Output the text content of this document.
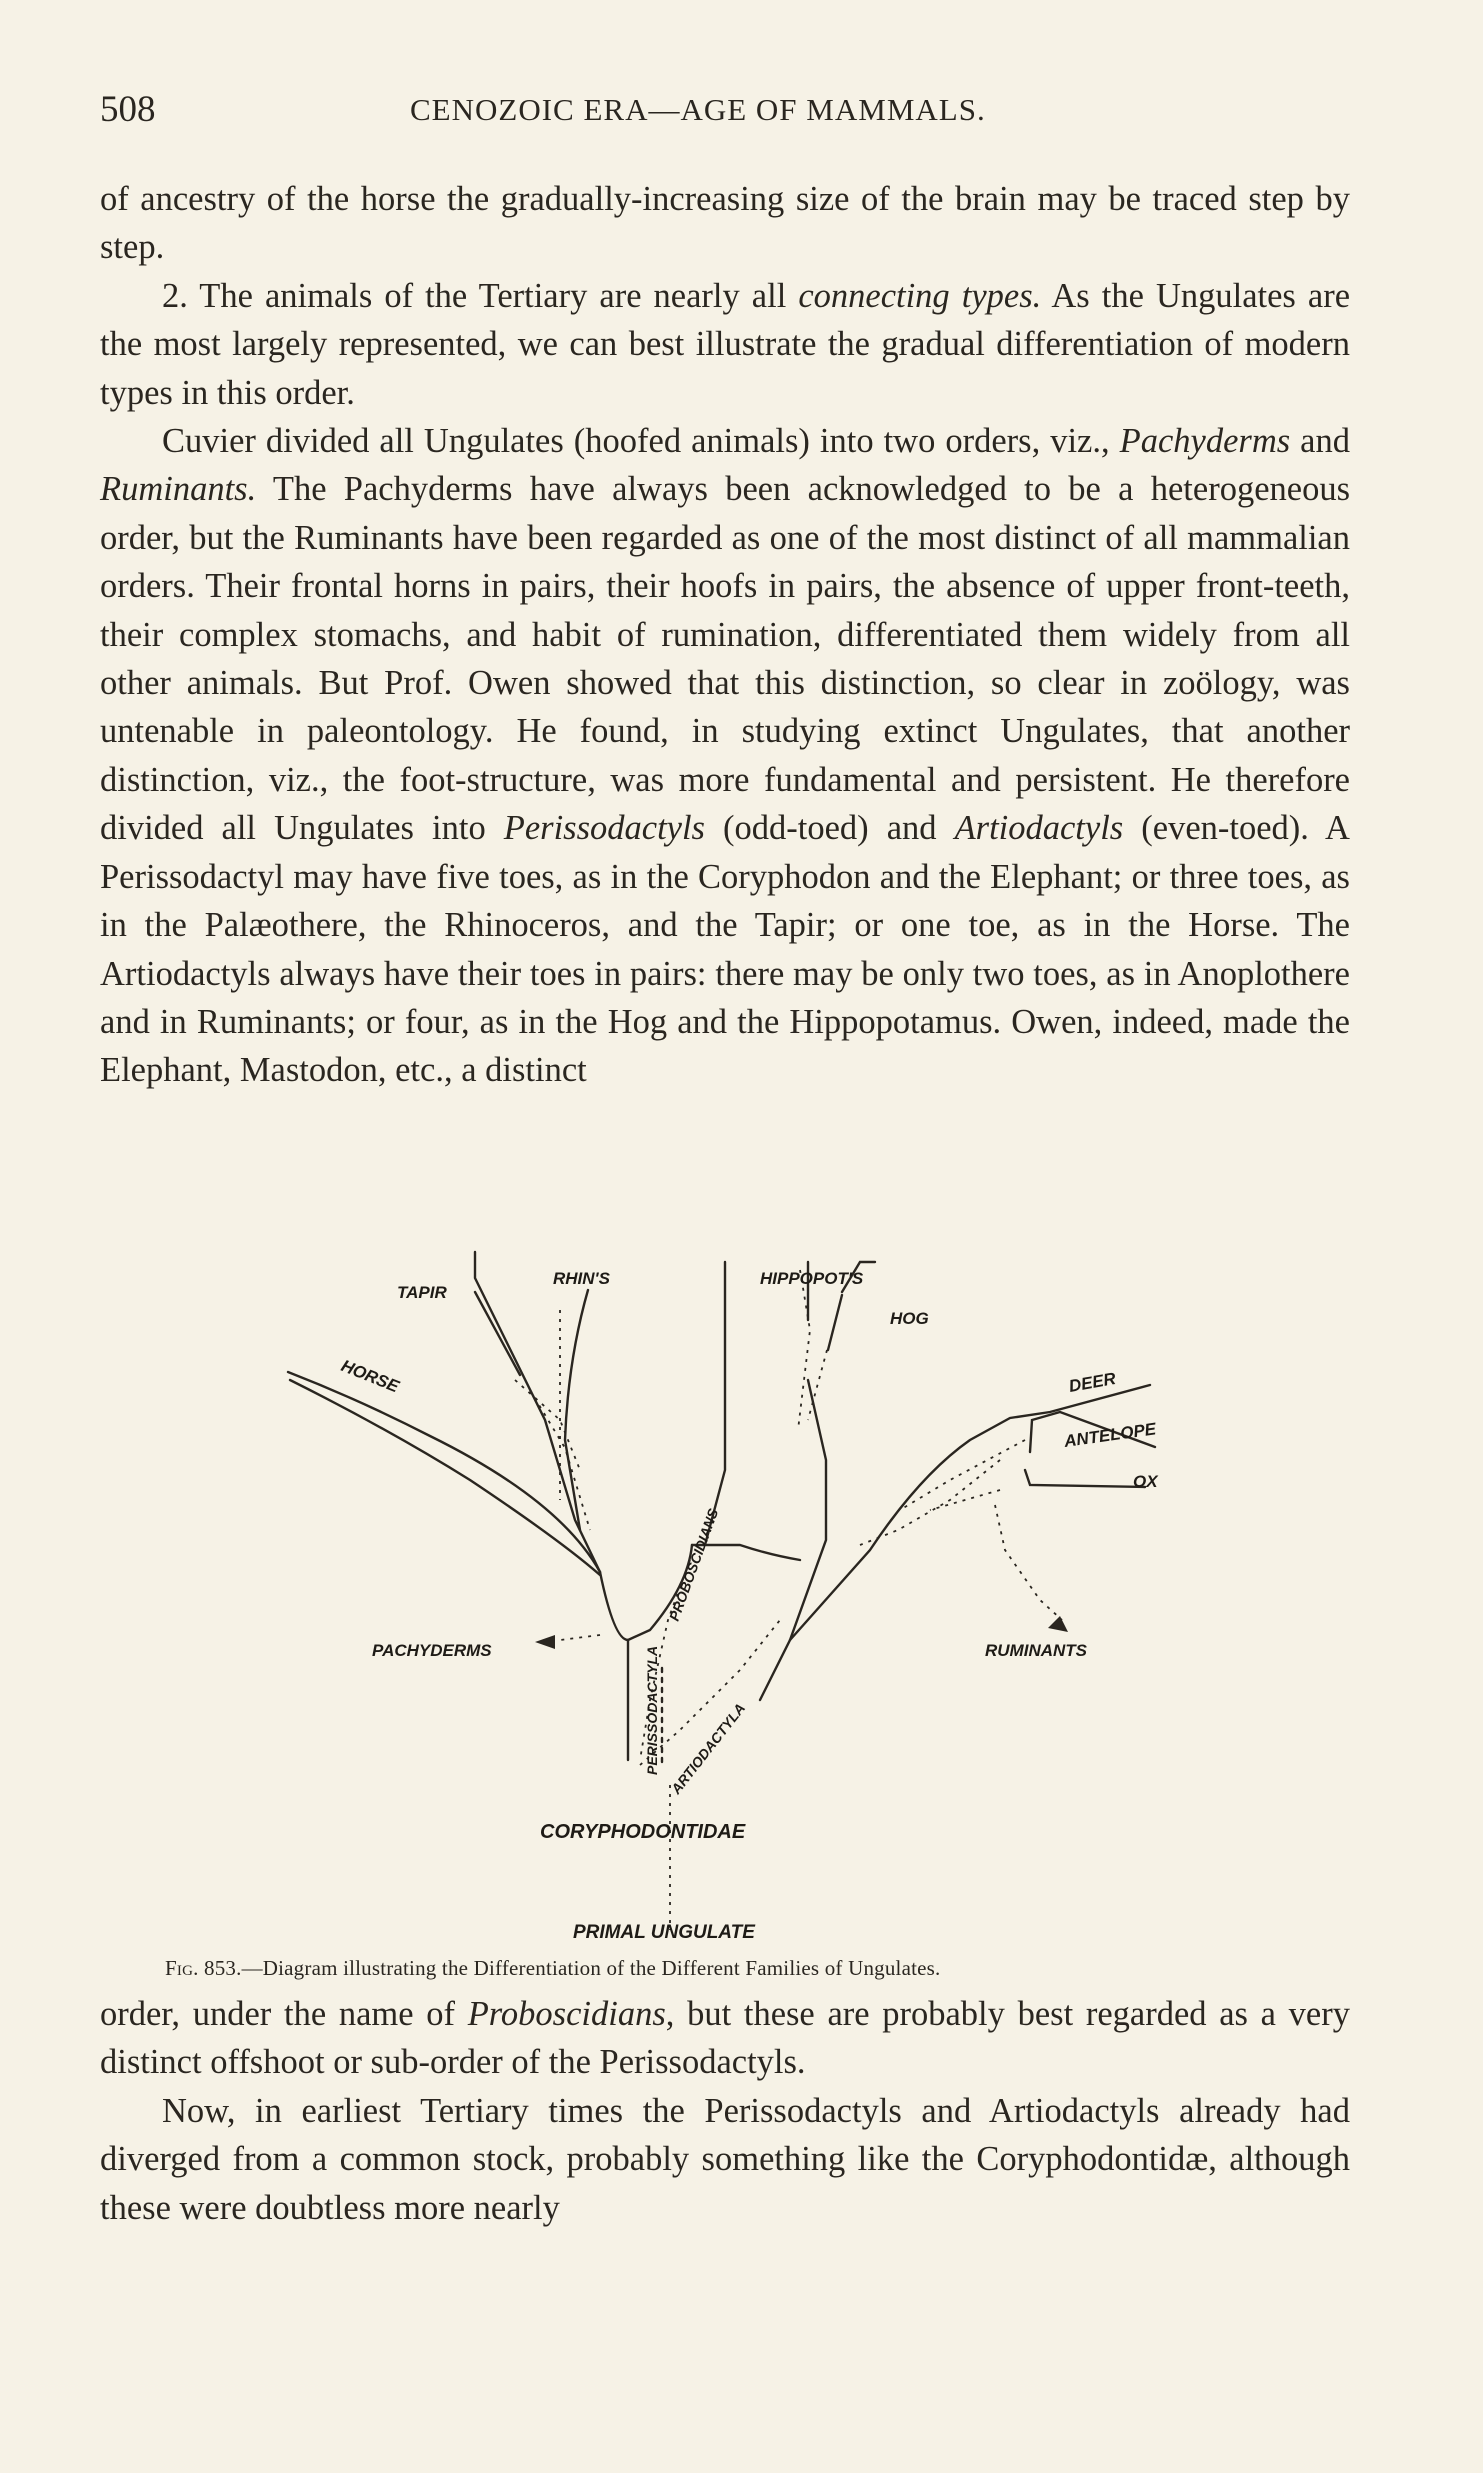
508	CENOZOIC ERA—AGE OF MAMMALS.

of ancestry of the horse the gradually-increasing size of the brain may be traced step by step.

2. The animals of the Tertiary are nearly all connecting types. As the Ungulates are the most largely represented, we can best illustrate the gradual differentiation of modern types in this order.

Cuvier divided all Ungulates (hoofed animals) into two orders, viz., Pachyderms and Ruminants. The Pachyderms have always been acknowledged to be a heterogeneous order, but the Ruminants have been regarded as one of the most distinct of all mammalian orders. Their frontal horns in pairs, their hoofs in pairs, the absence of upper front-teeth, their complex stomachs, and habit of rumination, differentiated them widely from all other animals. But Prof. Owen showed that this distinction, so clear in zoölogy, was untenable in paleontology. He found, in studying extinct Ungulates, that another distinction, viz., the foot-structure, was more fundamental and persistent. He therefore divided all Ungulates into Perissodactyls (odd-toed) and Artiodactyls (even-toed). A Perissodactyl may have five toes, as in the Coryphodon and the Elephant; or three toes, as in the Palæothere, the Rhinoceros, and the Tapir; or one toe, as in the Horse. The Artiodactyls always have their toes in pairs: there may be only two toes, as in Anoplothere and in Ruminants; or four, as in the Hog and the Hippopotamus. Owen, indeed, made the Elephant, Mastodon, etc., a distinct

TAPIR
RHIN'S	HIPPOPOT'S
HOG
HORSE	DEER
ANTELOPE
OX
PACHYDERMS	RUMINANTS
PERISSODACTYLA
PROBOSCIDIANS
ARTIODACTYLA
CORYPHODONTIDAE
PRIMAL UNGULATE
Fig. 853.—Diagram illustrating the Differentiation of the Different Families of Ungulates.

order, under the name of Proboscidians, but these are probably best regarded as a very distinct offshoot or sub-order of the Perissodactyls.

Now, in earliest Tertiary times the Perissodactyls and Artiodactyls already had diverged from a common stock, probably something like the Coryphodontidæ, although these were doubtless more nearly
